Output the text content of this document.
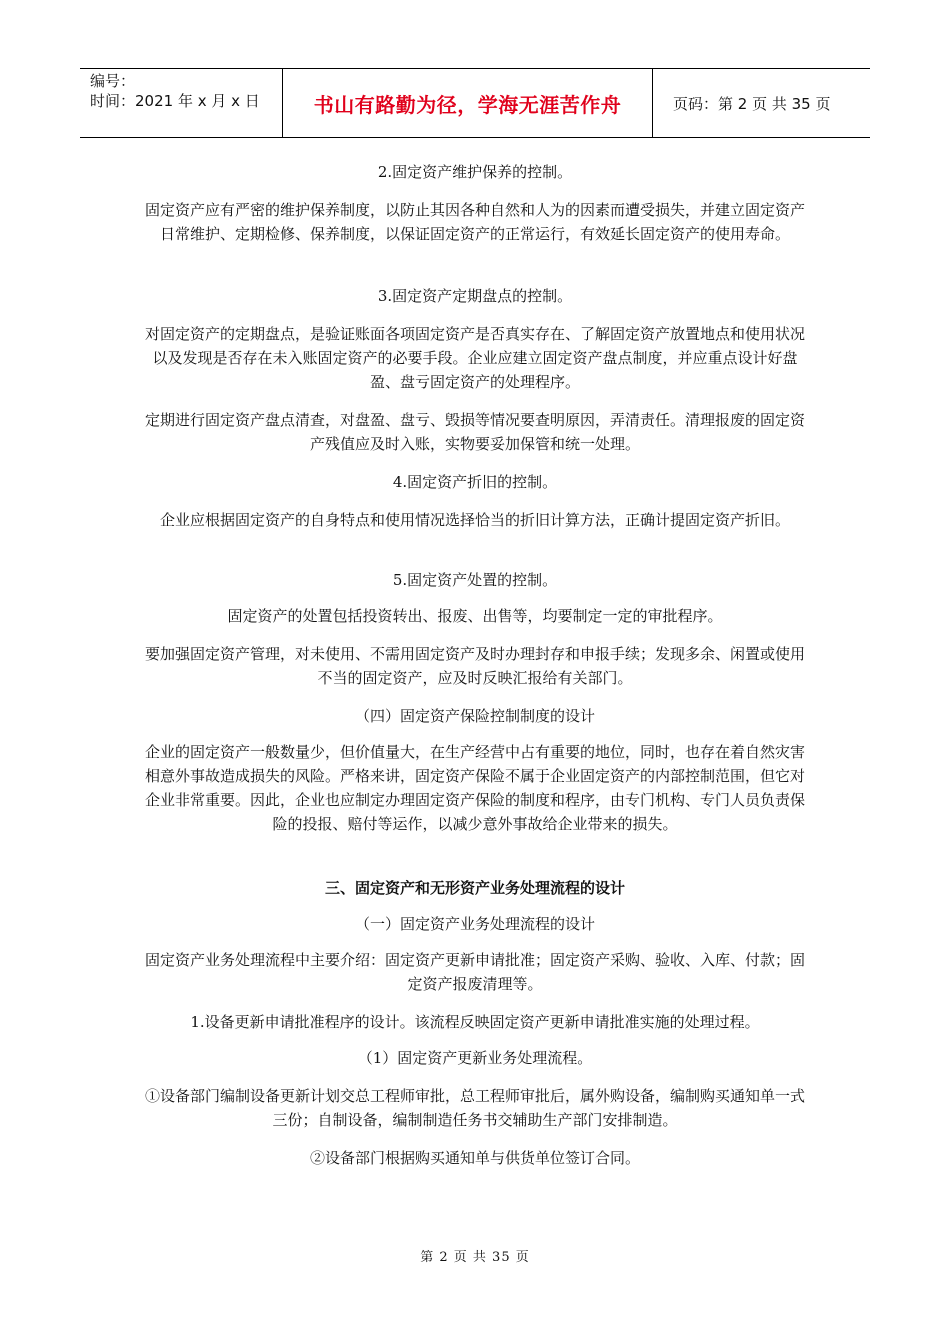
编号：
时间：2021 年 x 月 x 日	书山有路勤为径，学海无涯苦作舟	页码：第 2 页 共 35 页
2.固定资产维护保养的控制。
固定资产应有严密的维护保养制度，以防止其因各种自然和人为的因素而遭受损失，并建立固定资产日常维护、定期检修、保养制度，以保证固定资产的正常运行，有效延长固定资产的使用寿命。
3.固定资产定期盘点的控制。
对固定资产的定期盘点，是验证账面各项固定资产是否真实存在、了解固定资产放置地点和使用状况以及发现是否存在未入账固定资产的必要手段。企业应建立固定资产盘点制度，并应重点设计好盘盈、盘亏固定资产的处理程序。
定期进行固定资产盘点清查，对盘盈、盘亏、毁损等情况要查明原因，弄清责任。清理报废的固定资产残值应及时入账，实物要妥加保管和统一处理。
4.固定资产折旧的控制。
企业应根据固定资产的自身特点和使用情况选择恰当的折旧计算方法，正确计提固定资产折旧。
5.固定资产处置的控制。
固定资产的处置包括投资转出、报废、出售等，均要制定一定的审批程序。
要加强固定资产管理，对未使用、不需用固定资产及时办理封存和申报手续；发现多余、闲置或使用不当的固定资产，应及时反映汇报给有关部门。
（四）固定资产保险控制制度的设计
企业的固定资产一般数量少，但价值量大，在生产经营中占有重要的地位，同时，也存在着自然灾害相意外事故造成损失的风险。严格来讲，固定资产保险不属于企业固定资产的内部控制范围，但它对企业非常重要。因此，企业也应制定办理固定资产保险的制度和程序，由专门机构、专门人员负责保险的投报、赔付等运作，以减少意外事故给企业带来的损失。
三、固定资产和无形资产业务处理流程的设计
（一）固定资产业务处理流程的设计
固定资产业务处理流程中主要介绍：固定资产更新申请批准；固定资产采购、验收、入库、付款；固定资产报废清理等。
1.设备更新申请批准程序的设计。该流程反映固定资产更新申请批准实施的处理过程。
（1）固定资产更新业务处理流程。
①设备部门编制设备更新计划交总工程师审批，总工程师审批后，属外购设备，编制购买通知单一式三份；自制设备，编制制造任务书交辅助生产部门安排制造。
②设备部门根据购买通知单与供货单位签订合同。
第 2 页 共 35 页
